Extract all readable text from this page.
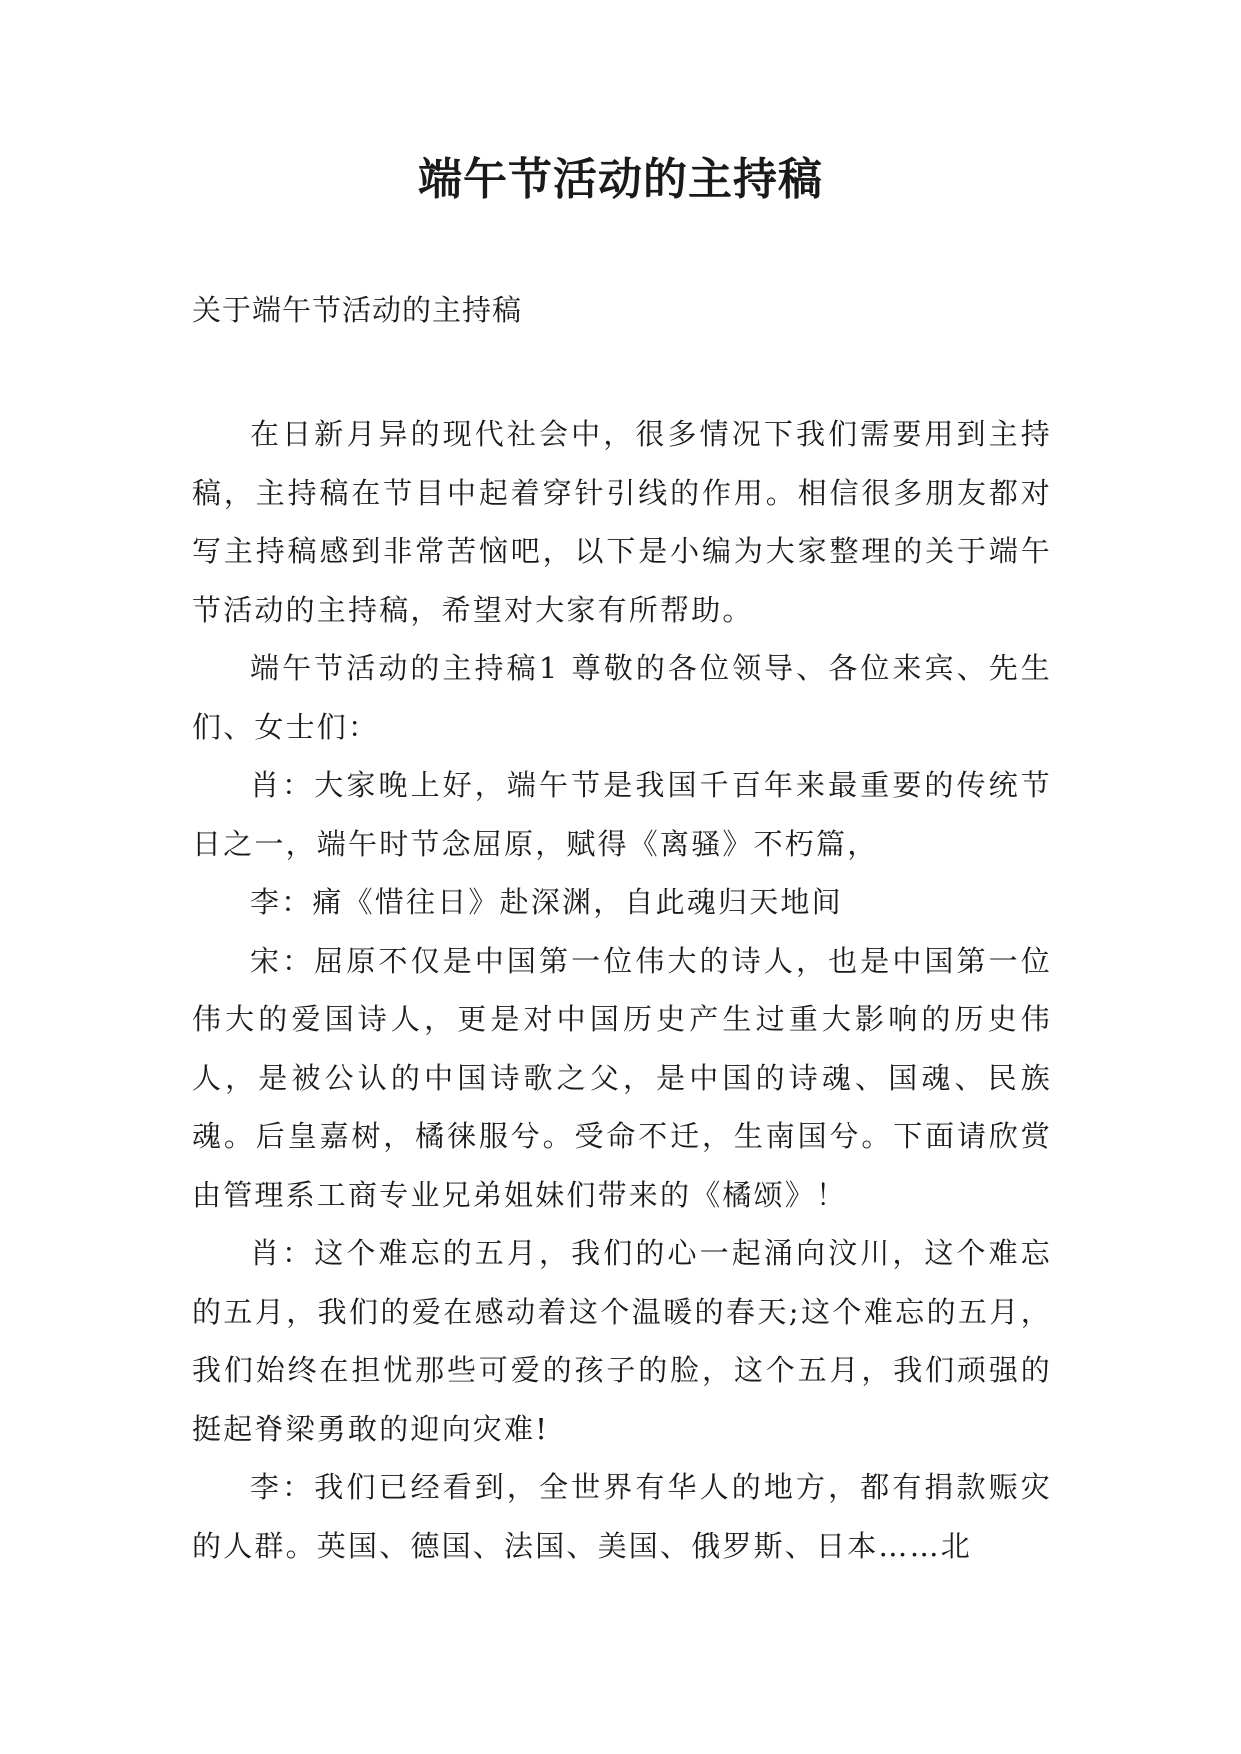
端午节活动的主持稿
关于端午节活动的主持稿

在日新月异的现代社会中，很多情况下我们需要用到主持稿，主持稿在节目中起着穿针引线的作用。相信很多朋友都对写主持稿感到非常苦恼吧，以下是小编为大家整理的关于端午节活动的主持稿，希望对大家有所帮助。

端午节活动的主持稿1 尊敬的各位领导、各位来宾、先生们、女士们：

肖：大家晚上好，端午节是我国千百年来最重要的传统节日之一，端午时节念屈原，赋得《离骚》不朽篇，

李：痛《惜往日》赴深渊，自此魂归天地间

宋：屈原不仅是中国第一位伟大的诗人，也是中国第一位伟大的爱国诗人，更是对中国历史产生过重大影响的历史伟人，是被公认的中国诗歌之父，是中国的诗魂、国魂、民族魂。后皇嘉树，橘徕服兮。受命不迁，生南国兮。下面请欣赏由管理系工商专业兄弟姐妹们带来的《橘颂》！

肖：这个难忘的五月，我们的心一起涌向汶川，这个难忘的五月，我们的爱在感动着这个温暖的春天;这个难忘的五月，我们始终在担忧那些可爱的孩子的脸，这个五月，我们顽强的挺起脊梁勇敢的迎向灾难!

李：我们已经看到，全世界有华人的地方，都有捐款赈灾的人群。英国、德国、法国、美国、俄罗斯、日本……北
